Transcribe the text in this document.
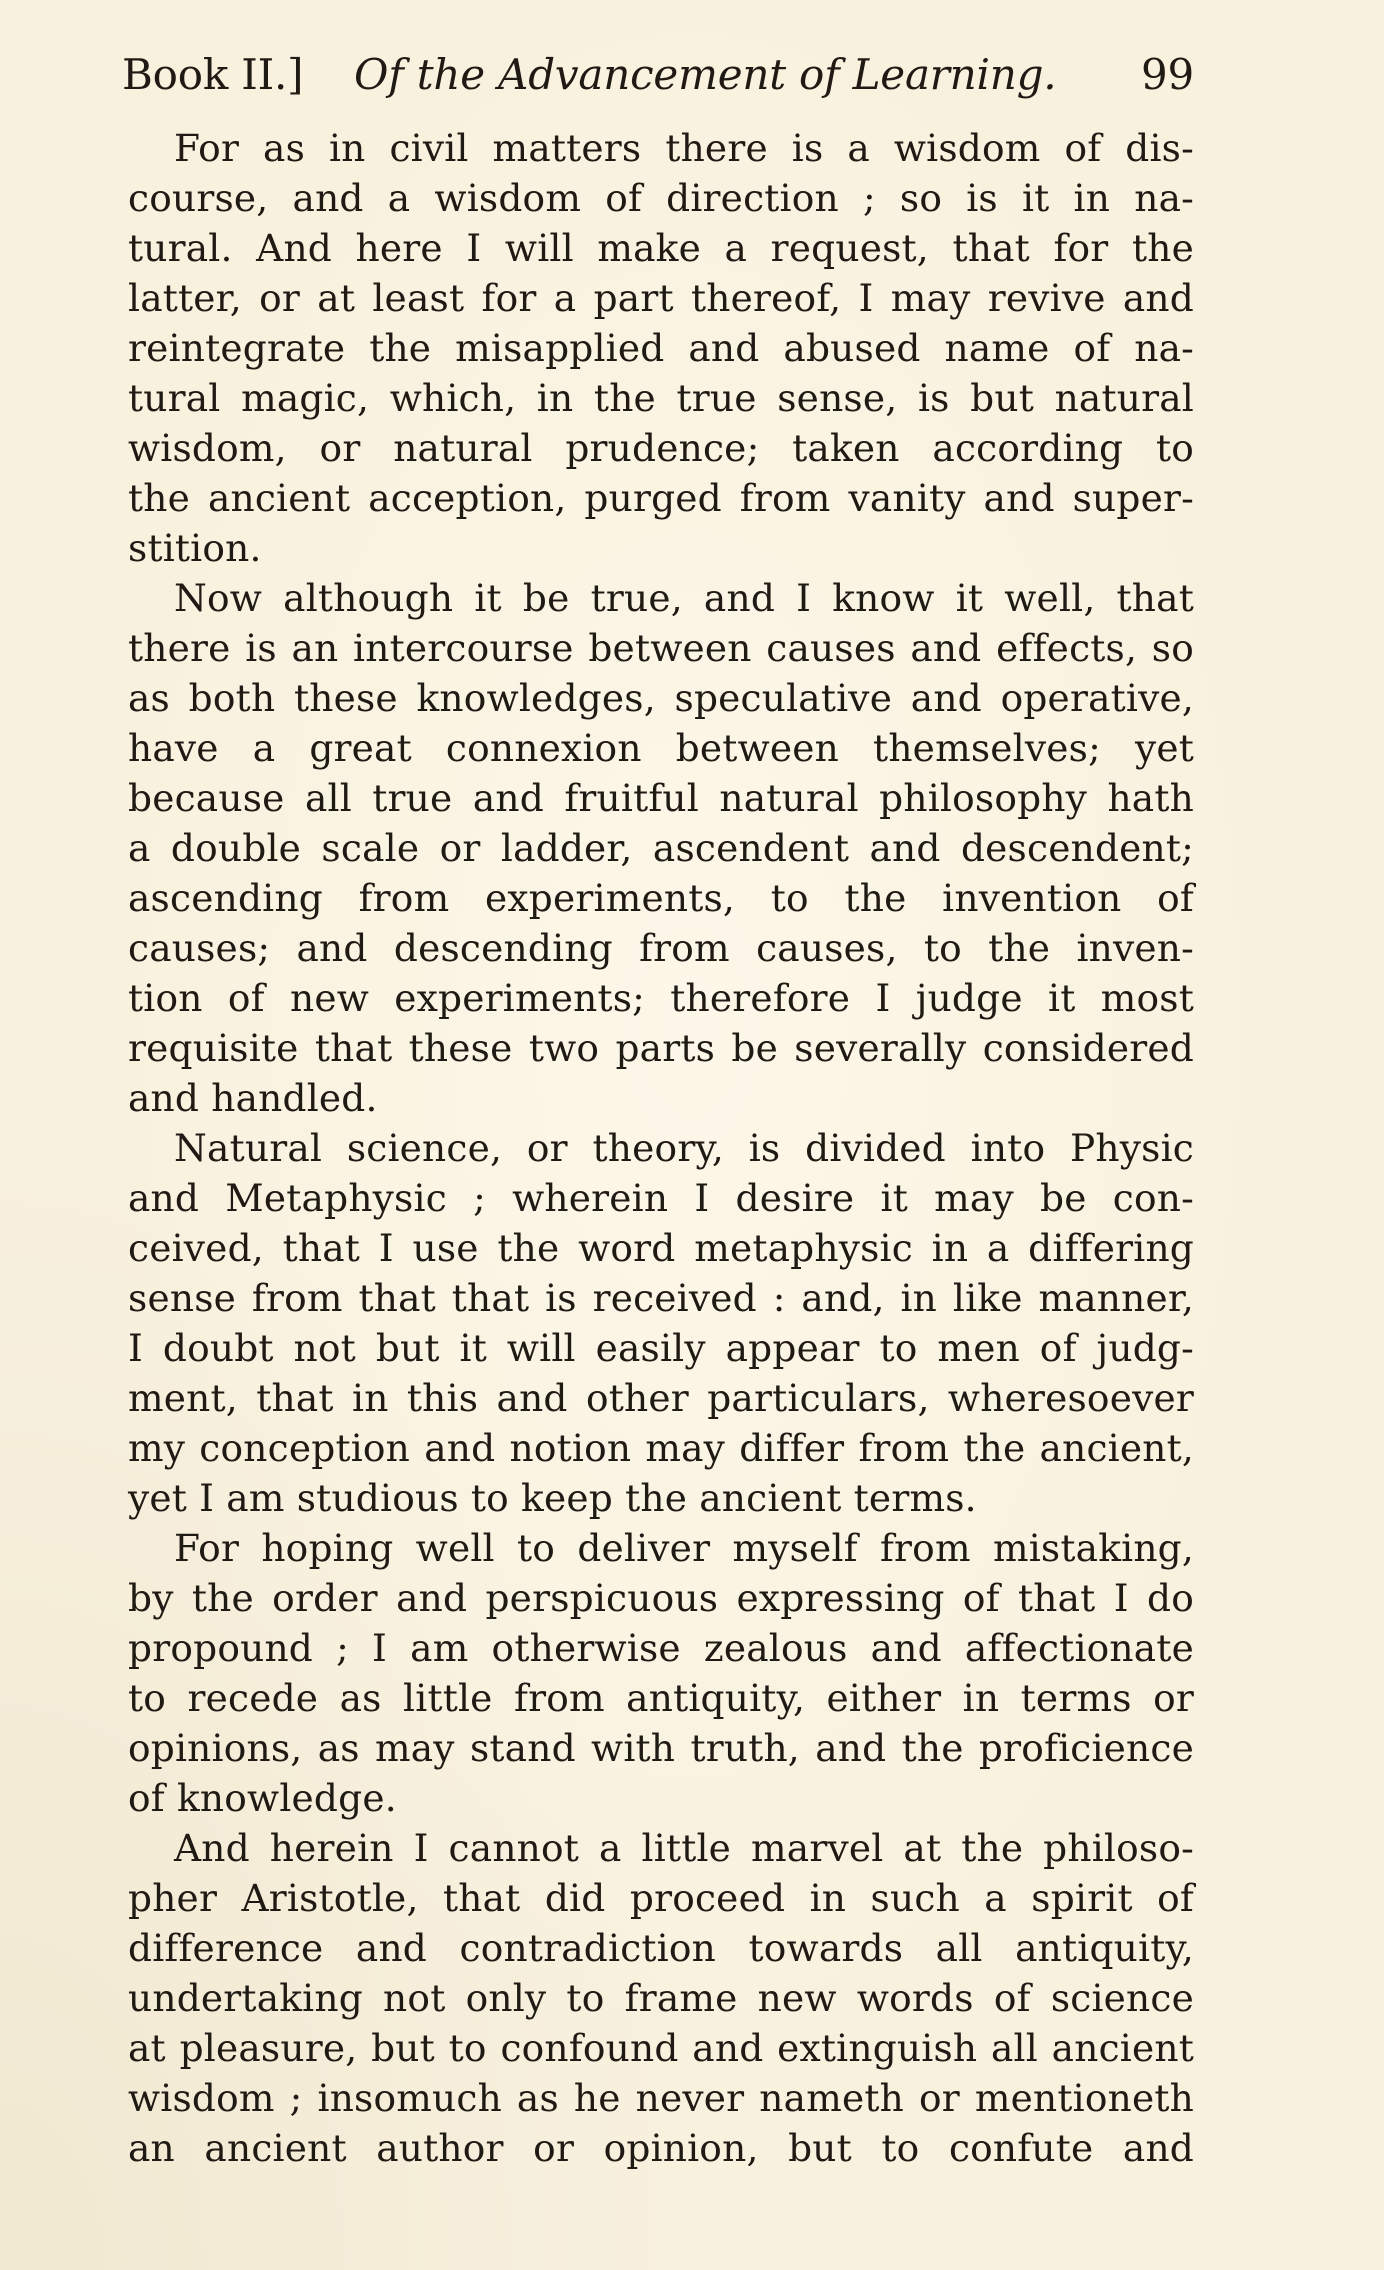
Book II.] Of the Advancement of Learning. 99
For as in civil matters there is a wisdom of dis-
course, and a wisdom of direction ; so is it in na-
tural. And here I will make a request, that for the
latter, or at least for a part thereof, I may revive and
reintegrate the misapplied and abused name of na-
tural magic, which, in the true sense, is but natural
wisdom, or natural prudence; taken according to
the ancient acception, purged from vanity and super-
stition.
Now although it be true, and I know it well, that
there is an intercourse between causes and effects, so
as both these knowledges, speculative and operative,
have a great connexion between themselves; yet
because all true and fruitful natural philosophy hath
a double scale or ladder, ascendent and descendent;
ascending from experiments, to the invention of
causes; and descending from causes, to the inven-
tion of new experiments; therefore I judge it most
requisite that these two parts be severally considered
and handled.
Natural science, or theory, is divided into Physic
and Metaphysic ; wherein I desire it may be con-
ceived, that I use the word metaphysic in a differing
sense from that that is received : and, in like manner,
I doubt not but it will easily appear to men of judg-
ment, that in this and other particulars, wheresoever
my conception and notion may differ from the ancient,
yet I am studious to keep the ancient terms.
For hoping well to deliver myself from mistaking,
by the order and perspicuous expressing of that I do
propound ; I am otherwise zealous and affectionate
to recede as little from antiquity, either in terms or
opinions, as may stand with truth, and the proficience
of knowledge.
And herein I cannot a little marvel at the philoso-
pher Aristotle, that did proceed in such a spirit of
difference and contradiction towards all antiquity,
undertaking not only to frame new words of science
at pleasure, but to confound and extinguish all ancient
wisdom ; insomuch as he never nameth or mentioneth
an ancient author or opinion, but to confute and
